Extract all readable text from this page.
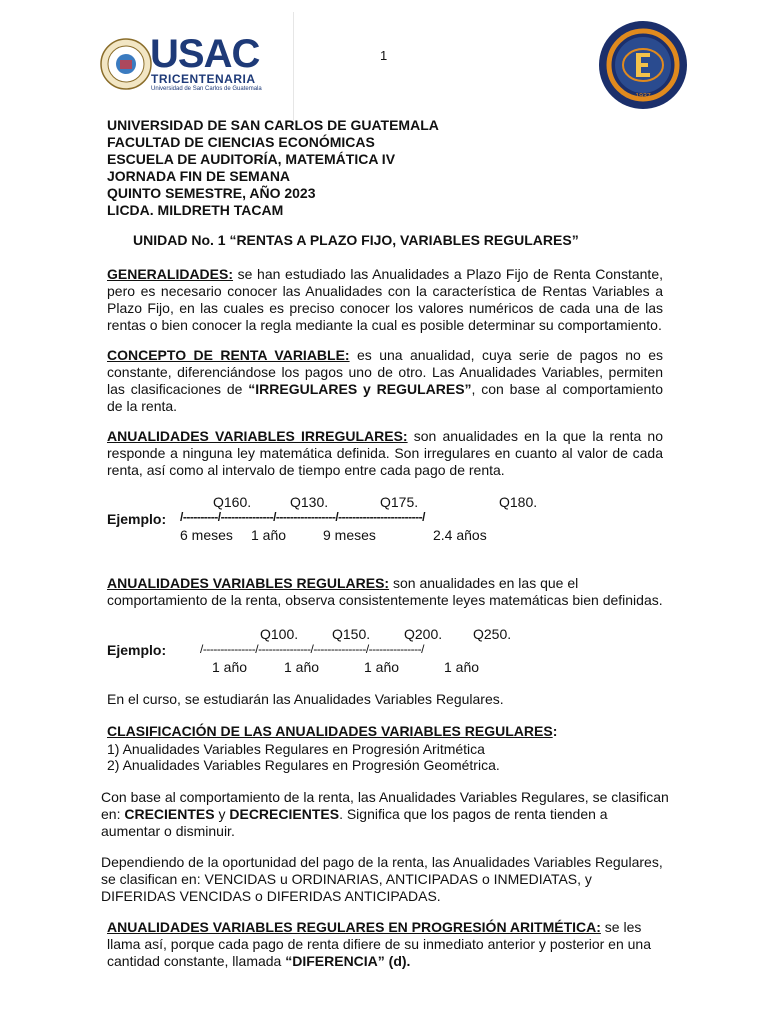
USAC
TRICENTENARIA
Universidad de San Carlos de Guatemala
1
1937
UNIVERSIDAD DE SAN CARLOS DE GUATEMALA
FACULTAD DE CIENCIAS ECONÓMICAS
ESCUELA DE AUDITORÍA, MATEMÁTICA IV
JORNADA FIN DE SEMANA
QUINTO SEMESTRE, AÑO 2023
LICDA. MILDRETH TACAM
UNIDAD No. 1 “RENTAS A PLAZO FIJO, VARIABLES REGULARES”
GENERALIDADES: se han estudiado las Anualidades a Plazo Fijo de Renta Constante, pero es necesario conocer las Anualidades con la característica de Rentas Variables a Plazo Fijo, en las cuales es preciso conocer los valores numéricos de cada una de las rentas o bien conocer la regla mediante la cual es posible determinar su comportamiento.
CONCEPTO DE RENTA VARIABLE: es una anualidad, cuya serie de pagos no es constante, diferenciándose los pagos uno de otro. Las Anualidades Variables, permiten las clasificaciones de “IRREGULARES y REGULARES”, con base al comportamiento de la renta.
ANUALIDADES VARIABLES IRREGULARES: son anualidades en la que la renta no responde a ninguna ley matemática definida. Son irregulares en cuanto al valor de cada renta, así como al intervalo de tiempo entre cada pago de renta.
Q160.	Q130.	Q175.	Q180.
Ejemplo: /----------/---------------/-----------------/------------------------/
6 meses 1 año	9 meses	2.4 años
ANUALIDADES VARIABLES REGULARES: son anualidades en las que el comportamiento de la renta, observa consistentemente leyes matemáticas bien definidas.
Q100. Q150. Q200. Q250.
Ejemplo:	/---------------/---------------/---------------/---------------/
1 año	1 año	1 año	1 año
En el curso, se estudiarán las Anualidades Variables Regulares.
CLASIFICACIÓN DE LAS ANUALIDADES VARIABLES REGULARES:
1) Anualidades Variables Regulares en Progresión Aritmética
2) Anualidades Variables Regulares en Progresión Geométrica.
Con base al comportamiento de la renta, las Anualidades Variables Regulares, se clasifican en: CRECIENTES y DECRECIENTES. Significa que los pagos de renta tienden a aumentar o disminuir.
Dependiendo de la oportunidad del pago de la renta, las Anualidades Variables Regulares, se clasifican en: VENCIDAS u ORDINARIAS, ANTICIPADAS o INMEDIATAS, y DIFERIDAS VENCIDAS o DIFERIDAS ANTICIPADAS.
ANUALIDADES VARIABLES REGULARES EN PROGRESIÓN ARITMÉTICA: se les llama así, porque cada pago de renta difiere de su inmediato anterior y posterior en una cantidad constante, llamada “DIFERENCIA” (d).
